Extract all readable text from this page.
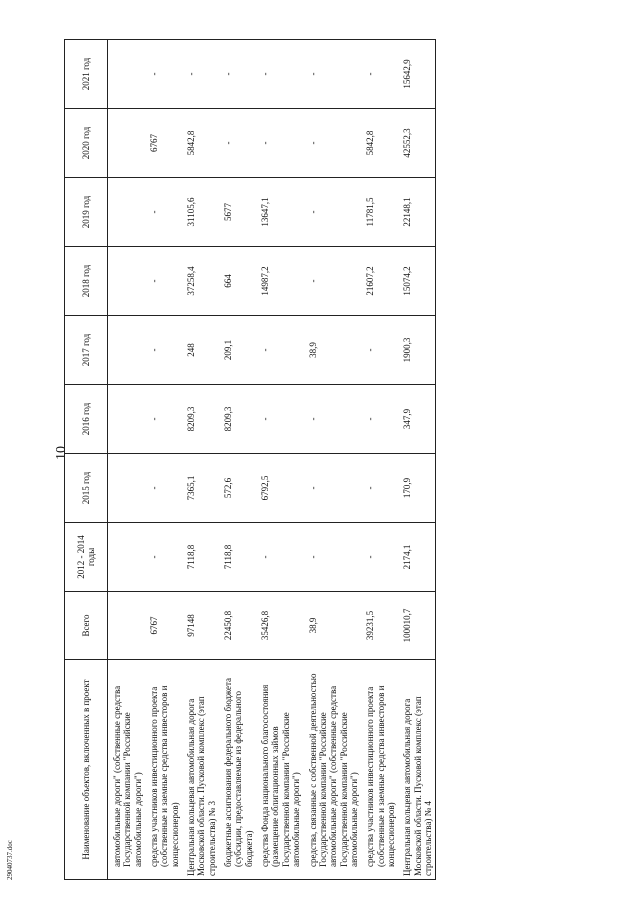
10
Наименование объектов, включенных в проект	Всего	2012 - 2014 годы	2015 год	2016 год	2017 год	2018 год	2019 год	2020 год	2021 год
автомобильные дороги" (собственные средства Государственной компании "Российские автомобильные дороги")									
средства участников инвестиционного проекта (собственные и заемные средства инвесторов и концессионеров)	6767	-	-	-	-	-	-	6767	-
Центральная кольцевая автомобильная дорога Московской области. Пусковой комплекс (этап строительства) № 3	97148	7118,8	7365,1	8209,3	248	37258,4	31105,6	5842,8	-
бюджетные ассигнования федерального бюджета (субсидии, предоставляемые из федерального бюджета)	22450,8	7118,8	572,6	8209,3	209,1	664	5677	-	-
средства Фонда национального благосостояния (размещение облигационных займов Государственной компании "Российские автомобильные дороги")	35426,8	-	6792,5	-	-	14987,2	13647,1	-	-
средства, связанные с собственной деятельностью Государственной компании "Российские автомобильные дороги" (собственные средства Государственной компании "Российские автомобильные дороги")	38,9	-	-	-	38,9	-	-	-	-
средства участников инвестиционного проекта (собственные и заемные средства инвесторов и концессионеров)	39231,5	-	-	-	-	21607,2	11781,5	5842,8	-
Центральная кольцевая автомобильная дорога Московской области. Пусковой комплекс (этап строительства) № 4	100010,7	2174,1	170,9	347,9	1900,3	15074,2	22148,1	42552,3	15642,9
29040737.doc
